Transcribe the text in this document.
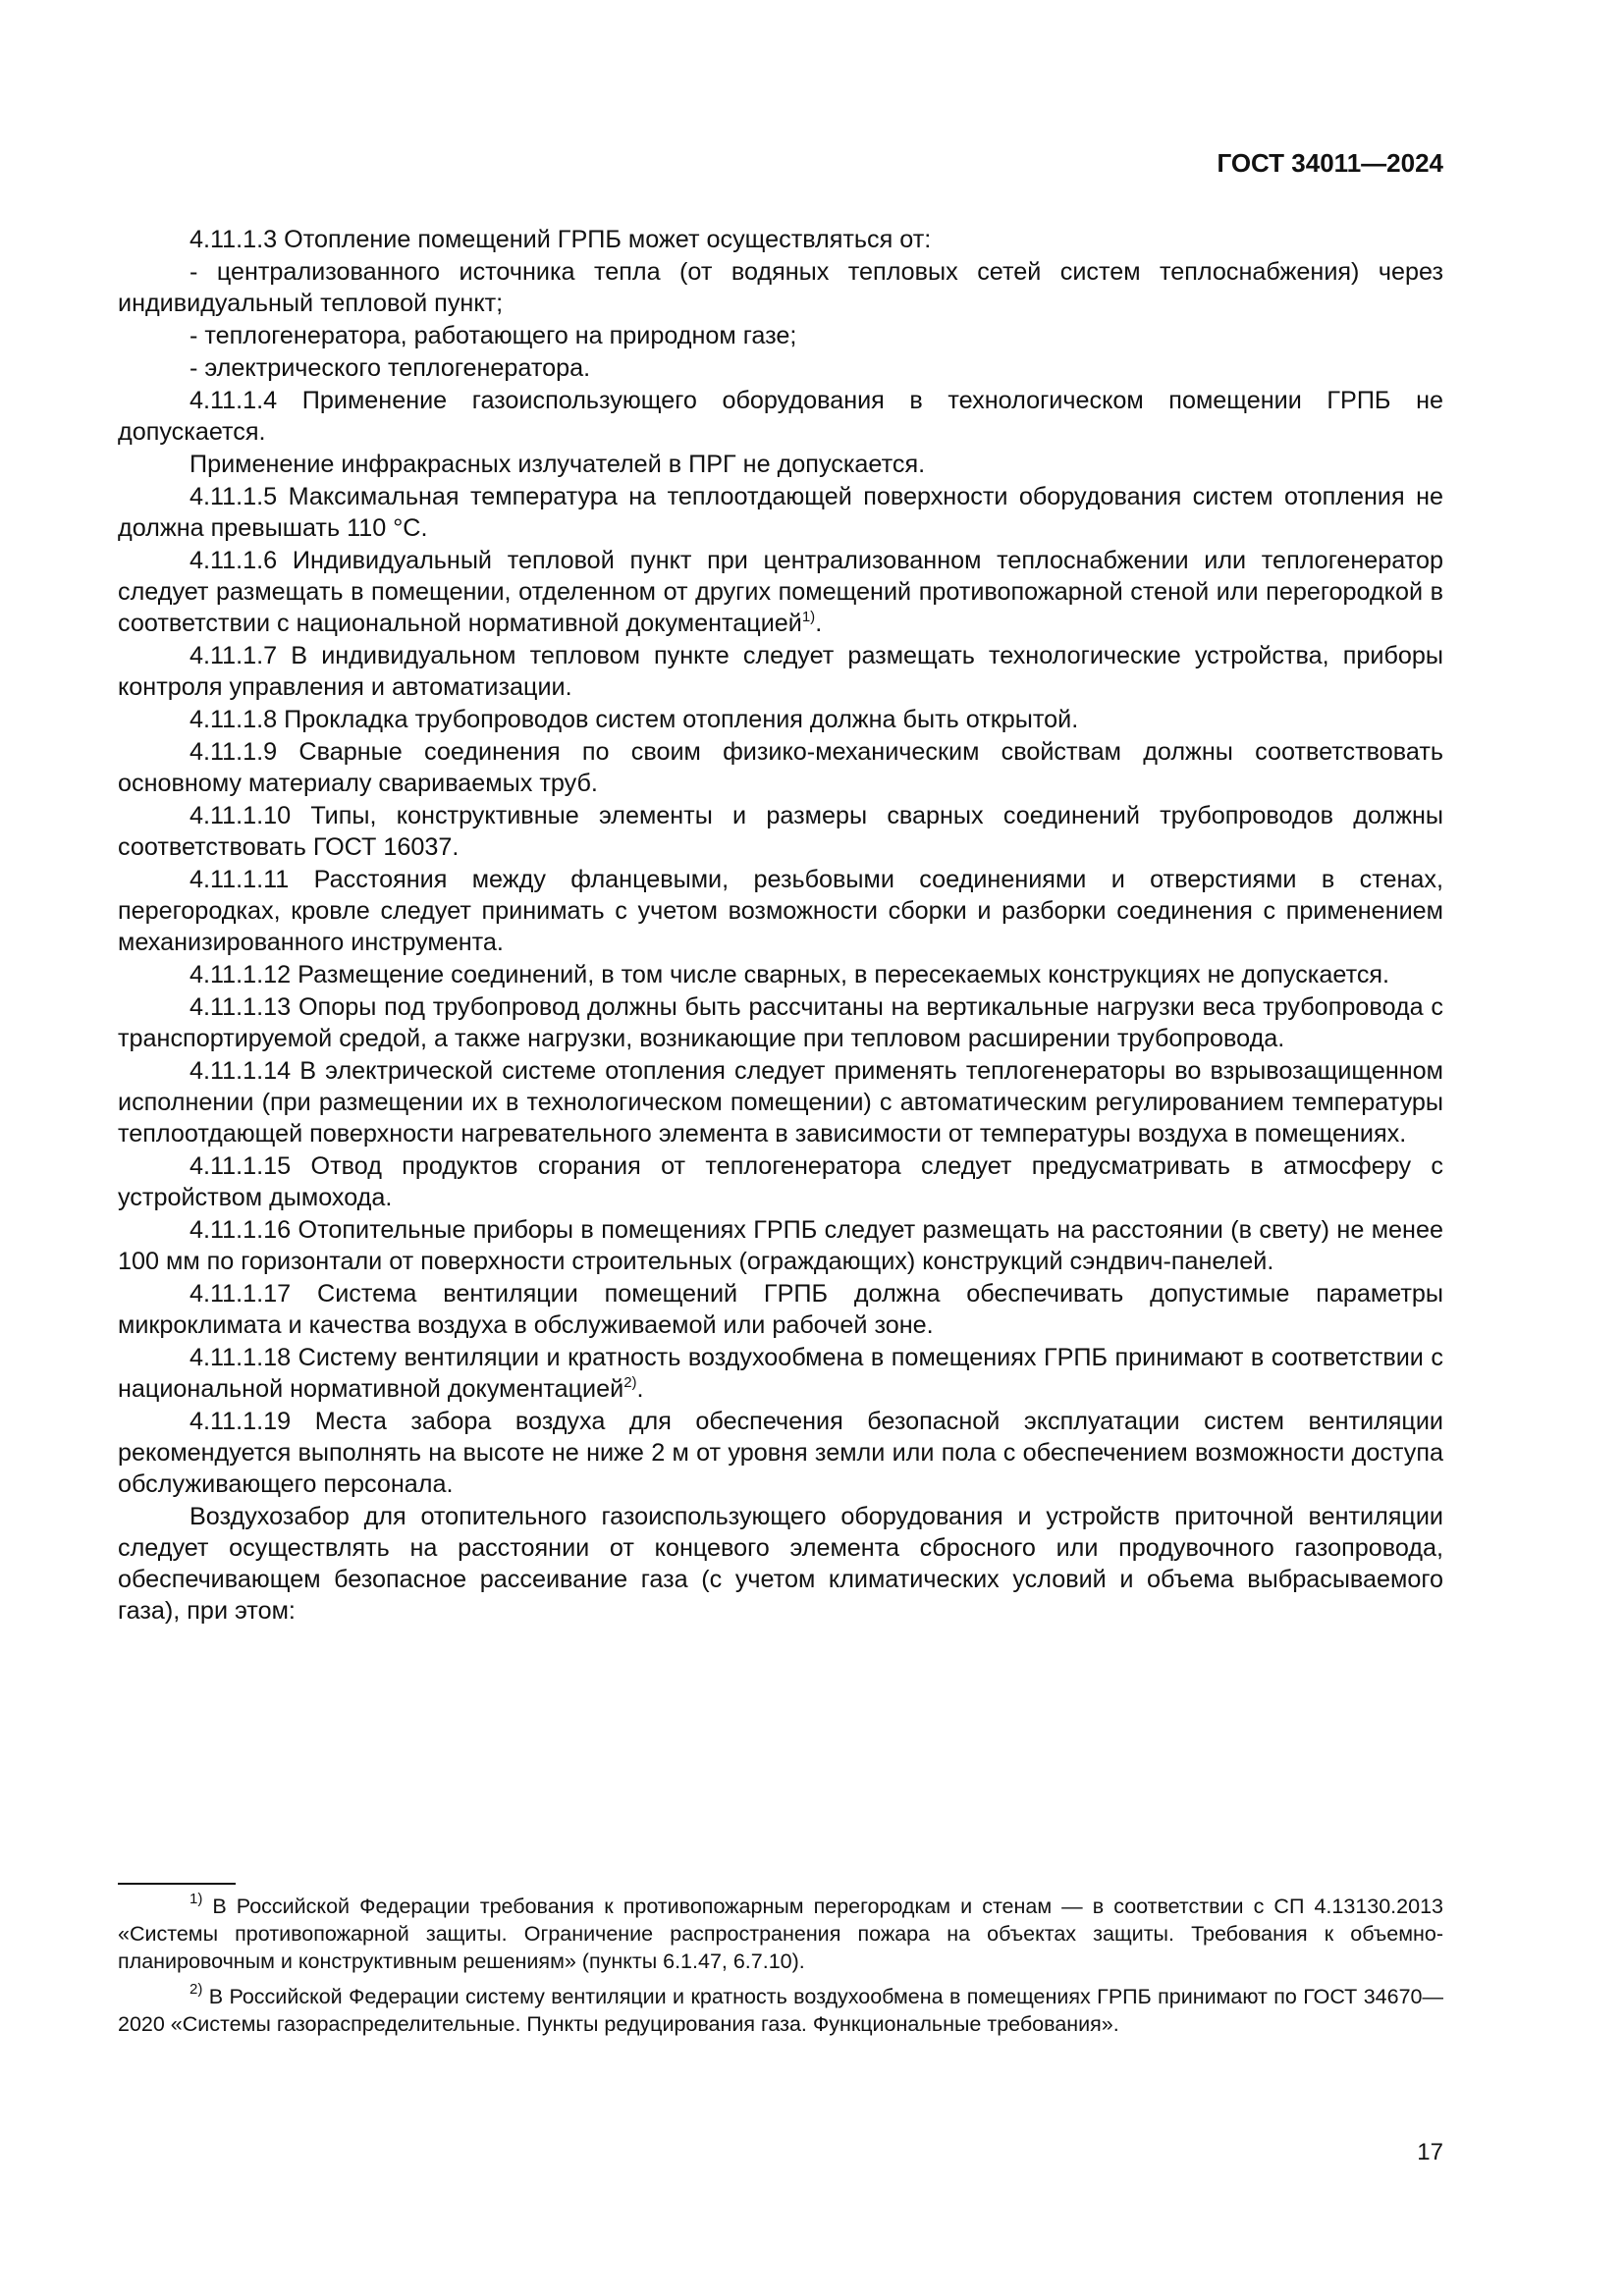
ГОСТ 34011—2024

4.11.1.3 Отопление помещений ГРПБ может осуществляться от:

- централизованного источника тепла (от водяных тепловых сетей систем теплоснабжения) через индивидуальный тепловой пункт;

- теплогенератора, работающего на природном газе;

- электрического теплогенератора.

4.11.1.4 Применение газоиспользующего оборудования в технологическом помещении ГРПБ не допускается.

Применение инфракрасных излучателей в ПРГ не допускается.

4.11.1.5 Максимальная температура на теплоотдающей поверхности оборудования систем отопления не должна превышать 110 °C.

4.11.1.6 Индивидуальный тепловой пункт при централизованном теплоснабжении или теплогенератор следует размещать в помещении, отделенном от других помещений противопожарной стеной или перегородкой в соответствии с национальной нормативной документацией$^{1)}$.

4.11.1.7 В индивидуальном тепловом пункте следует размещать технологические устройства, приборы контроля управления и автоматизации.

4.11.1.8 Прокладка трубопроводов систем отопления должна быть открытой.

4.11.1.9 Сварные соединения по своим физико-механическим свойствам должны соответствовать основному материалу свариваемых труб.

4.11.1.10 Типы, конструктивные элементы и размеры сварных соединений трубопроводов должны соответствовать ГОСТ 16037.

4.11.1.11 Расстояния между фланцевыми, резьбовыми соединениями и отверстиями в стенах, перегородках, кровле следует принимать с учетом возможности сборки и разборки соединения с применением механизированного инструмента.

4.11.1.12 Размещение соединений, в том числе сварных, в пересекаемых конструкциях не допускается.

4.11.1.13 Опоры под трубопровод должны быть рассчитаны на вертикальные нагрузки веса трубопровода с транспортируемой средой, а также нагрузки, возникающие при тепловом расширении трубопровода.

4.11.1.14 В электрической системе отопления следует применять теплогенераторы во взрывозащищенном исполнении (при размещении их в технологическом помещении) с автоматическим регулированием температуры теплоотдающей поверхности нагревательного элемента в зависимости от температуры воздуха в помещениях.

4.11.1.15 Отвод продуктов сгорания от теплогенератора следует предусматривать в атмосферу с устройством дымохода.

4.11.1.16 Отопительные приборы в помещениях ГРПБ следует размещать на расстоянии (в свету) не менее 100 мм по горизонтали от поверхности строительных (ограждающих) конструкций сэндвич-панелей.

4.11.1.17 Система вентиляции помещений ГРПБ должна обеспечивать допустимые параметры микроклимата и качества воздуха в обслуживаемой или рабочей зоне.

4.11.1.18 Систему вентиляции и кратность воздухообмена в помещениях ГРПБ принимают в соответствии с национальной нормативной документацией$^{2)}$.

4.11.1.19 Места забора воздуха для обеспечения безопасной эксплуатации систем вентиляции рекомендуется выполнять на высоте не ниже 2 м от уровня земли или пола с обеспечением возможности доступа обслуживающего персонала.

Воздухозабор для отопительного газоиспользующего оборудования и устройств приточной вентиляции следует осуществлять на расстоянии от концевого элемента сбросного или продувочного газопровода, обеспечивающем безопасное рассеивание газа (с учетом климатических условий и объема выбрасываемого газа), при этом:

$^{1)}$ В Российской Федерации требования к противопожарным перегородкам и стенам — в соответствии с СП 4.13130.2013 «Системы противопожарной защиты. Ограничение распространения пожара на объектах защиты. Требования к объемно-планировочным и конструктивным решениям» (пункты 6.1.47, 6.7.10).

$^{2)}$ В Российской Федерации систему вентиляции и кратность воздухообмена в помещениях ГРПБ принимают по ГОСТ 34670—2020 «Системы газораспределительные. Пункты редуцирования газа. Функциональные требования».

17
